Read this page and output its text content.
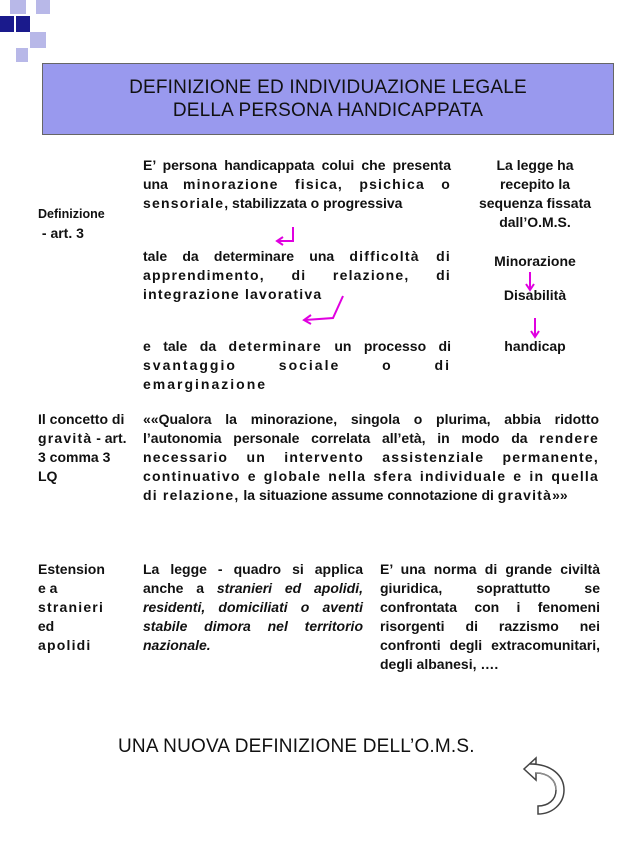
DEFINIZIONE ED INDIVIDUAZIONE LEGALE
DELLA PERSONA HANDICAPPATA
Definizione
- art. 3
E’ persona handicappata colui che presenta una minorazione fisica, psichica o sensoriale, stabilizzata o progressiva
tale da determinare una difficoltà di apprendimento, di relazione, di integrazione lavorativa
e tale da determinare un processo di svantaggio sociale o di emarginazione
La legge ha recepito la sequenza fissata dall’O.M.S.
Minorazione
Disabilità
handicap
Il concetto di gravità - art. 3 comma 3 LQ
««Qualora la minorazione, singola o plurima, abbia ridotto l’autonomia personale correlata all’età, in modo da rendere necessario un intervento assistenziale permanente, continuativo e globale nella sfera individuale e in quella di relazione, la situazione assume connotazione di gravità»»
Estension
e a
stranieri
ed
apolidi
La legge - quadro si applica anche a stranieri ed apolidi, residenti, domiciliati o aventi stabile dimora nel territorio nazionale.
E’ una norma di grande civiltà giuridica, soprattutto se confrontata con i fenomeni risorgenti di razzismo nei confronti degli extracomunitari, degli albanesi, ….
UNA NUOVA DEFINIZIONE DELL’O.M.S.
